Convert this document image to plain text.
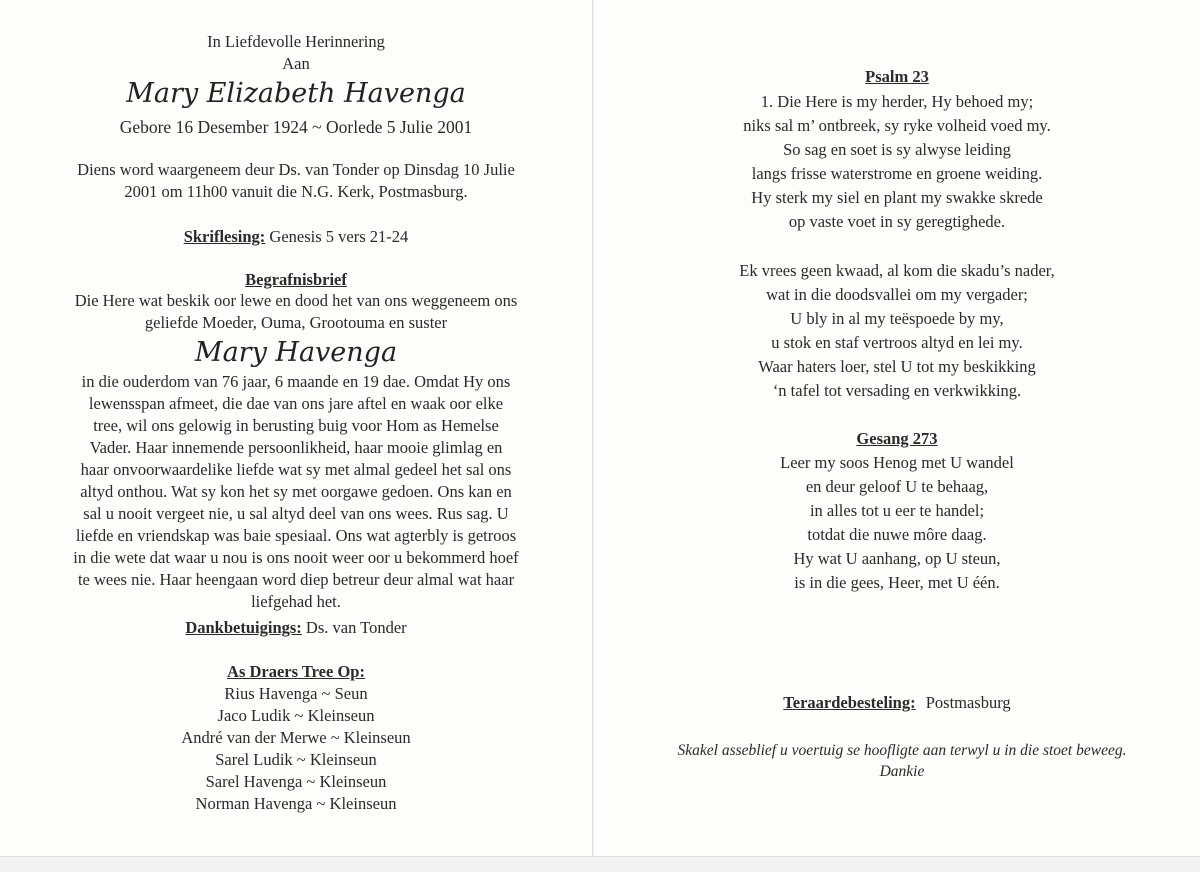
In Liefdevolle Herinnering
Aan
Mary Elizabeth Havenga
Gebore 16 Desember 1924 ~ Oorlede 5 Julie 2001
Diens word waargeneem deur Ds. van Tonder op Dinsdag 10 Julie
2001 om 11h00 vanuit die N.G. Kerk, Postmasburg.
Skriflesing: Genesis 5 vers 21-24
Begrafnisbrief
Die Here wat beskik oor lewe en dood het van ons weggeneem ons
geliefde Moeder, Ouma, Grootouma en suster
Mary Havenga
in die ouderdom van 76 jaar, 6 maande en 19 dae. Omdat Hy ons
lewensspan afmeet, die dae van ons jare aftel en waak oor elke
tree, wil ons gelowig in berusting buig voor Hom as Hemelse
Vader. Haar innemende persoonlikheid, haar mooie glimlag en
haar onvoorwaardelike liefde wat sy met almal gedeel het sal ons
altyd onthou. Wat sy kon het sy met oorgawe gedoen. Ons kan en
sal u nooit vergeet nie, u sal altyd deel van ons wees. Rus sag. U
liefde en vriendskap was baie spesiaal. Ons wat agterbly is getroos
in die wete dat waar u nou is ons nooit weer oor u bekommerd hoef
te wees nie. Haar heengaan word diep betreur deur almal wat haar
liefgehad het.
Dankbetuigings: Ds. van Tonder
As Draers Tree Op:
Rius Havenga ~ Seun
Jaco Ludik ~ Kleinseun
André van der Merwe ~ Kleinseun
Sarel Ludik ~ Kleinseun
Sarel Havenga ~ Kleinseun
Norman Havenga ~ Kleinseun
Psalm 23
1. Die Here is my herder, Hy behoed my;
niks sal m’ ontbreek, sy ryke volheid voed my.
So sag en soet is sy alwyse leiding
langs frisse waterstrome en groene weiding.
Hy sterk my siel en plant my swakke skrede
op vaste voet in sy geregtighede.
Ek vrees geen kwaad, al kom die skadu’s nader,
wat in die doodsvallei om my vergader;
U bly in al my teëspoede by my,
u stok en staf vertroos altyd en lei my.
Waar haters loer, stel U tot my beskikking
‘n tafel tot versading en verkwikking.
Gesang 273
Leer my soos Henog met U wandel
en deur geloof U te behaag,
in alles tot u eer te handel;
totdat die nuwe môre daag.
Hy wat U aanhang, op U steun,
is in die gees, Heer, met U één.
Teraardebesteling: Postmasburg
Skakel asseblief u voertuig se hoofligte aan terwyl u in die stoet beweeg.
Dankie
